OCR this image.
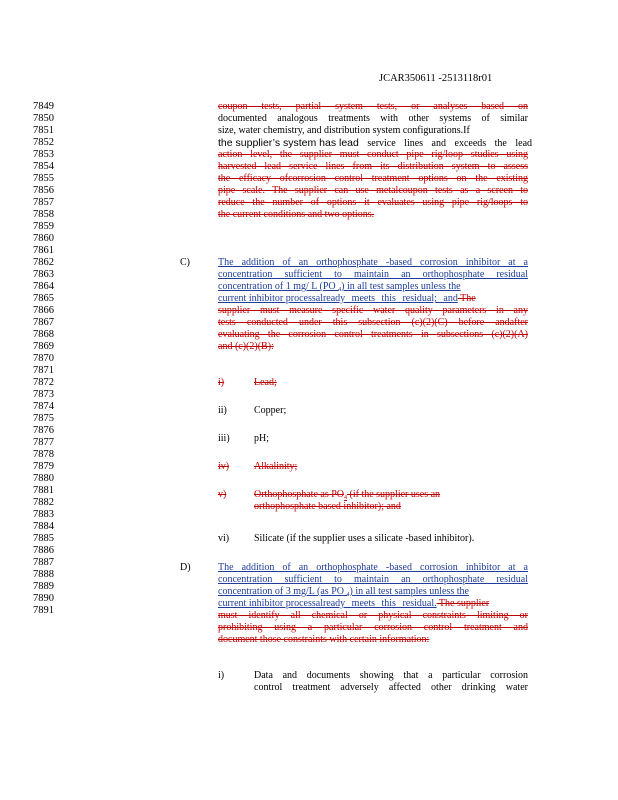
JCAR350611 -2513118r01
7849
7850
7851
7852
7853
7854
7855
7856
7857
7858
7859
7860
7861
7862
7863
7864
7865
7866
7867
7868
7869
7870
7871
7872
7873
7874
7875
7876
7877
7878
7879
7880
7881
7882
7883
7884
7885
7886
7887
7888
7889
7890
7891
coupon tests, partial system tests, or analyses based on
documented analogous treatments with other systems of similar
size, water chemistry, and distribution system configurations.If
the supplier’s system has lead service lines and exceeds the lead
action level, the supplier must conduct pipe rig/loop studies using
harvested lead service lines from its distribution system to assess
the efficacy ofcorrosion control treatment options on the existing
pipe scale. The supplier can use metalcoupon tests as a screen to
reduce the number of options it evaluates using pipe rig/loops to
the current conditions and two options.
C)	The addition of an orthophosphate -based corrosion inhibitor at a
concentration sufficient to maintain an orthophosphate residual
concentration of 1 mg/ L (PO $_4$) in all test samples unless the
current inhibitor processalready meets this residual; and The
supplier must measure specific water quality parameters in any
tests conducted under this subsection (c)(2)(C) before andafter
evaluating the corrosion control treatments in subsections (c)(2)(A)
and (c)(2)(B):
i)	Lead;
ii)	Copper;
iii) pH;
iv) Alkalinity;
v)	Orthophosphate as $PO_4$ (if the supplier uses an
orthophosphate based inhibitor); and
vi) Silicate (if the supplier uses a silicate -based inhibitor).
D)	The addition of an orthophosphate -based corrosion inhibitor at a
concentration sufficient to maintain an orthophosphate residual
concentration of 3 mg/L (as PO $_4$) in all test samples unless the
current inhibitor processalready meets this residual. The supplier
must identify all chemical or physical constraints limiting or
prohibiting using a particular corrosion control treatment and
document those constraints with certain information:
i)	Data and documents showing that a particular corrosion
control treatment adversely affected other drinking water
